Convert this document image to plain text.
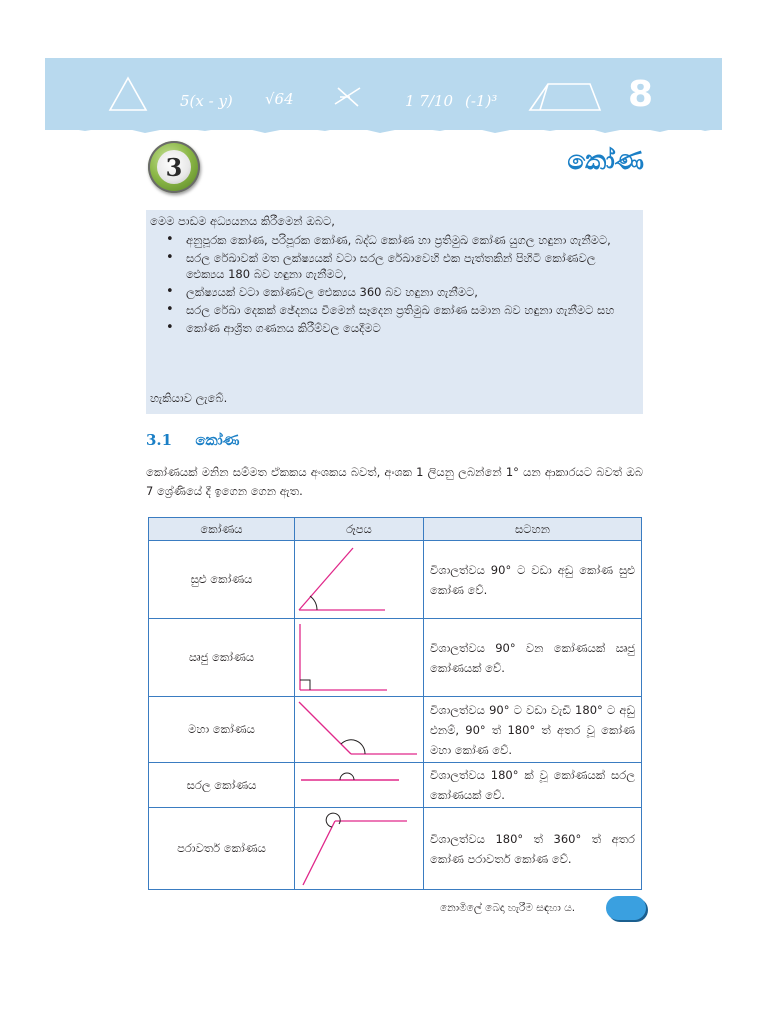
5(x - y) √64	1 7/10 (-1)³	8
3	කෝණ
මෙම පාඩම අධ්‍යයනය කිරීමෙන් ඔබට,
• අනුපූරක කෝණ, පරිපූරක කෝණ, බද්ධ කෝණ හා ප්‍රතිමුඛ කෝණ යුගල හඳුනා ගැනීමට,
• සරල රේඛාවක් මත ලක්ෂ්‍යයක් වටා සරල රේඛාවෙහි එක පැත්තකින් පිහිටි කෝණවල ඓක්‍යය 180 බව හඳුනා ගැනීමට,
• ලක්ෂ්‍යයක් වටා කෝණවල ඓක්‍යය 360 බව හඳුනා ගැනීමට,
• සරල රේඛා දෙකක් ඡේදනය වීමෙන් සෑදෙන ප්‍රතිමුඛ කෝණ සමාන බව හඳුනා ගැනීමට සහ
• කෝණ ආශ්‍රිත ගණනය කිරීම්වල යෙදීමට
හැකියාව ලැබේ.
3.1 කෝණ
කෝණයක් මනින සම්මත ඒකකය අංශකය බවත්, අංශක 1 ලියනු ලබන්නේ 1° යන ආකාරයට බවත් ඔබ 7 ශ්‍රේණියේ දී ඉගෙන ගෙන ඇත.
කෝණය	රූපය	සටහන
සුළු කෝණය		විශාලත්වය 90° ට වඩා අඩු කෝණ සුළු කෝණ වේ.
ඍජු කෝණය		විශාලත්වය 90° වන කෝණයක් ඍජු කෝණයක් වේ.
මහා කෝණය		විශාලත්වය 90° ට වඩා වැඩි 180° ට අඩු එනම්, 90° ත් 180° ත් අතර වූ කෝණ මහා කෝණ වේ.
සරල කෝණය		විශාලත්වය 180° ක් වූ කෝණයක් සරල කෝණයක් වේ.
පරාවර්ත කෝණය		විශාලත්වය 180° ත් 360° ත් අතර කෝණ පරාවර්ත කෝණ වේ.
නොමිලේ බෙදා හැරීම සඳහා ය.
